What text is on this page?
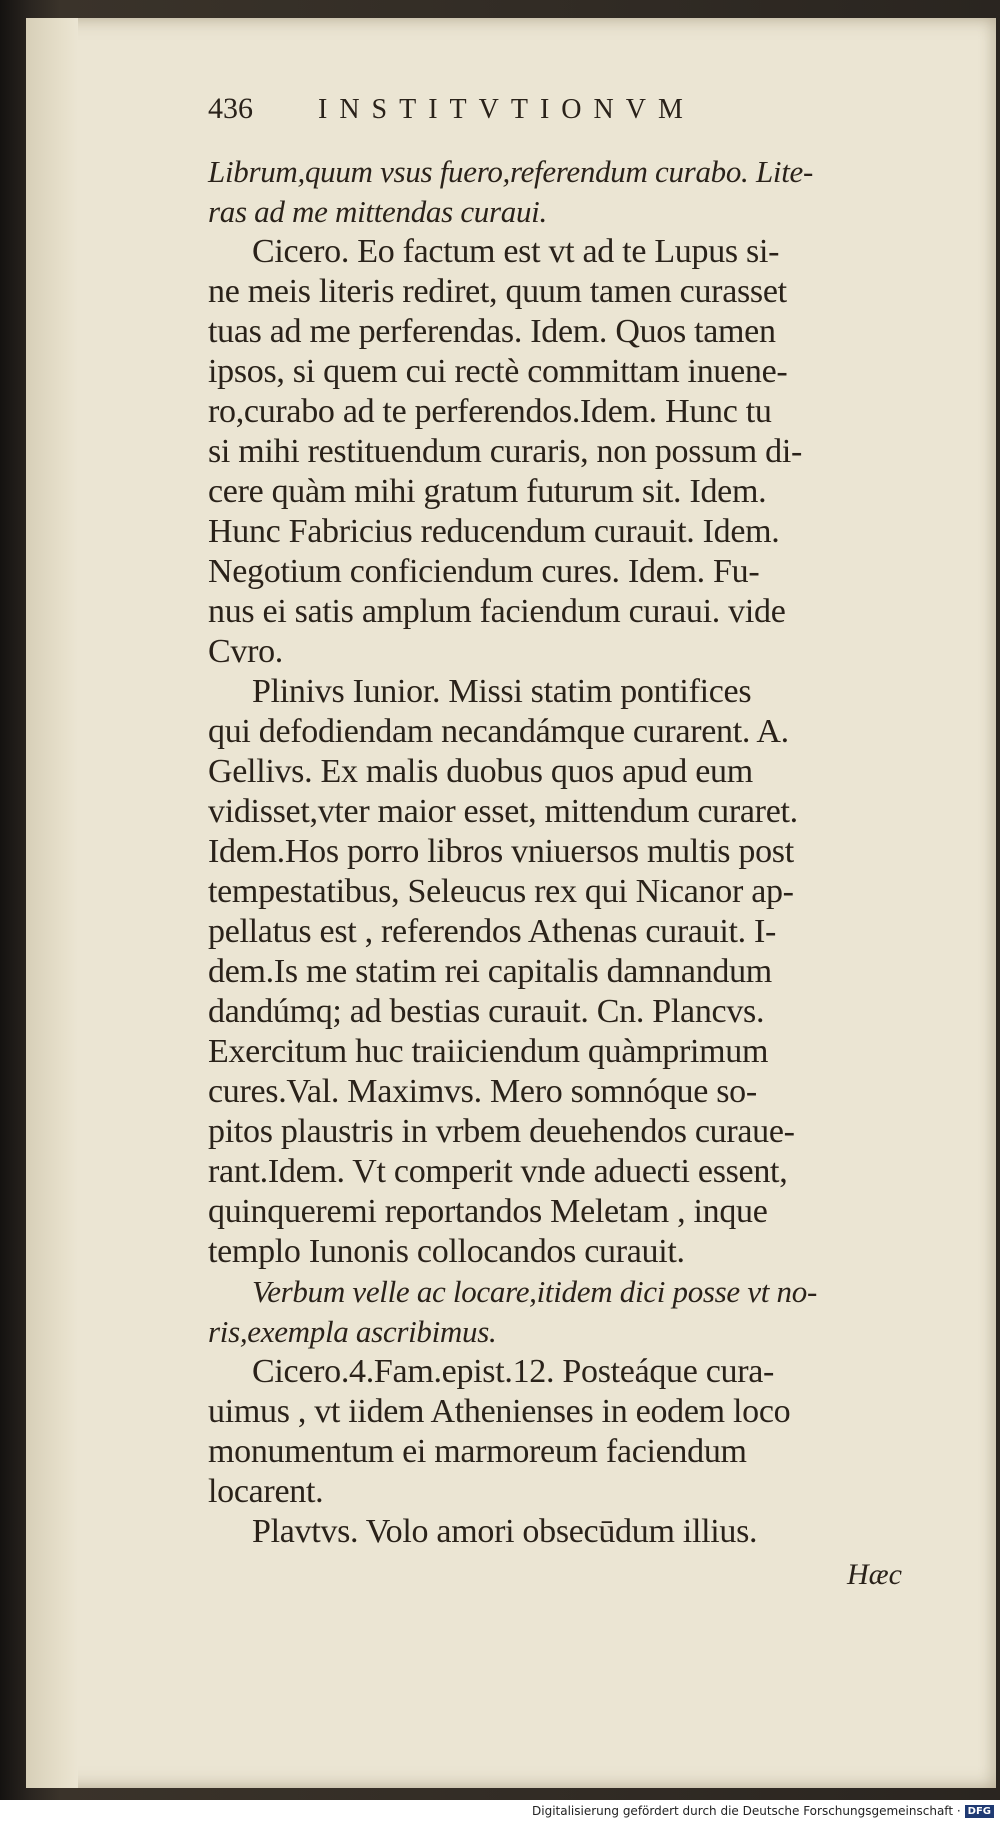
436	INSTITVTIONVM

Librum,quum vsus fuero,referendum curabo. Lite-

ras ad me mittendas curaui.

Cicero. Eo factum est vt ad te Lupus si-

ne meis literis rediret, quum tamen curasset

tuas ad me perferendas. Idem. Quos tamen

ipsos, si quem cui rectè committam inuene-

ro,curabo ad te perferendos.Idem. Hunc tu

si mihi restituendum curaris, non possum di-

cere quàm mihi gratum futurum sit. Idem.

Hunc Fabricius reducendum curauit. Idem.

Negotium conficiendum cures. Idem. Fu-

nus ei satis amplum faciendum curaui. vide

Cvro.

Plinivs Iunior. Missi statim pontifices

qui defodiendam necandámque curarent. A.

Gellivs. Ex malis duobus quos apud eum

vidisset,vter maior esset, mittendum curaret.

Idem.Hos porro libros vniuersos multis post

tempestatibus, Seleucus rex qui Nicanor ap-

pellatus est , referendos Athenas curauit. I-

dem.Is me statim rei capitalis damnandum

dandúmq; ad bestias curauit. Cn. Plancvs.

Exercitum huc traiiciendum quàmprimum

cures.Val. Maximvs. Mero somnóque so-

pitos plaustris in vrbem deuehendos curaue-

rant.Idem. Vt comperit vnde aduecti essent,

quinqueremi reportandos Meletam , inque

templo Iunonis collocandos curauit.

Verbum velle ac locare,itidem dici posse vt no-

ris,exempla ascribimus.

Cicero.4.Fam.epist.12. Posteáque cura-

uimus , vt iidem Athenienses in eodem loco

monumentum ei marmoreum faciendum

locarent.

Plavtvs. Volo amori obsecūdum illius.

Hæc
Digitalisierung gefördert durch die Deutsche Forschungsgemeinschaft · DFG
